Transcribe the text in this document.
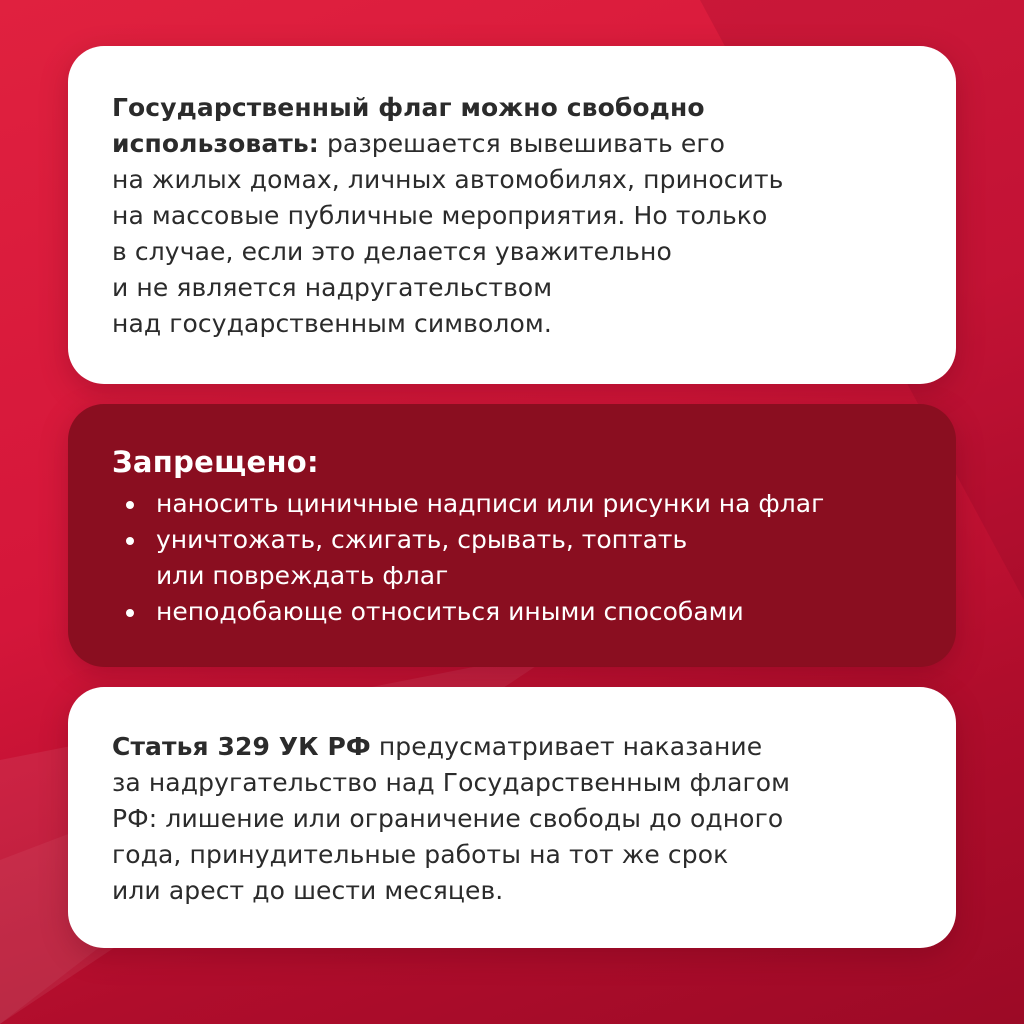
Государственный флаг можно свободно
использовать: разрешается вывешивать его
на жилых домах, личных автомобилях, приносить
на массовые публичные мероприятия. Но только
в случае, если это делается уважительно
и не является надругательством
над государственным символом.

Запрещено:
наносить циничные надписи или рисунки на флаг
уничтожать, сжигать, срывать, топтать
или повреждать флаг
неподобающе относиться иными способами

Статья 329 УК РФ предусматривает наказание
за надругательство над Государственным флагом
РФ: лишение или ограничение свободы до одного
года, принудительные работы на тот же срок
или арест до шести месяцев.
